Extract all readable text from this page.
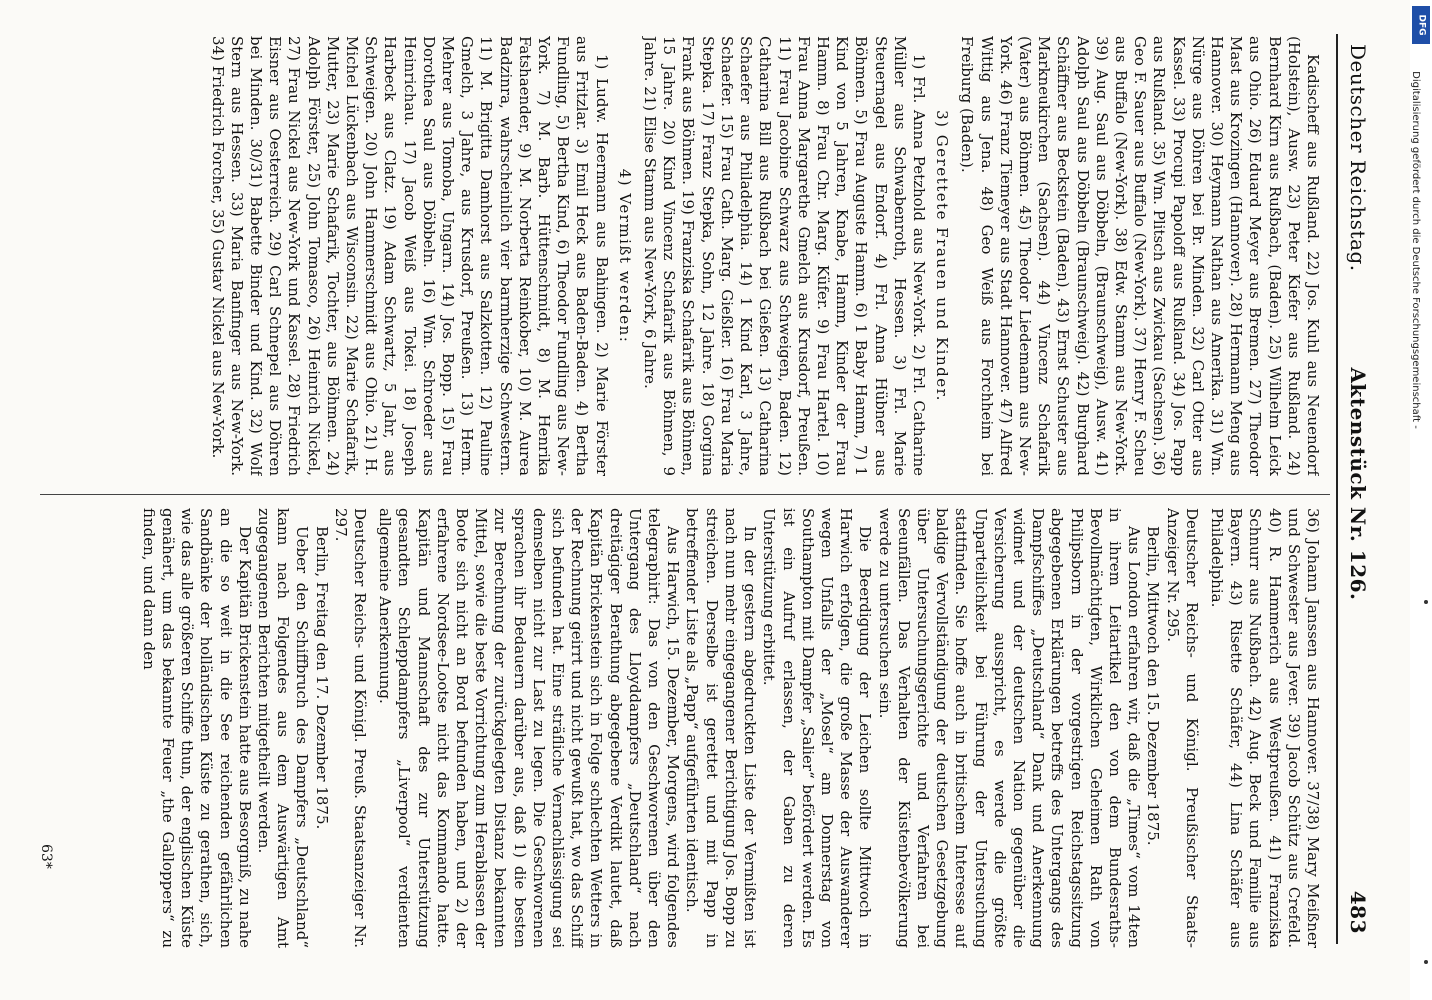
Deutscher Reichstag.
Aktenstück Nr. 126.
483

Kadischeff aus Rußland. 22) Jos. Kuhl aus Neuendorf (Holstein), Ausw. 23) Peter Kiefer aus Rußland. 24) Bernhard Kirn aus Rußbach, (Baden). 25) Wilhelm Leick aus Ohio. 26) Eduard Meyer aus Bremen. 27) Theodor Mast aus Krozingen (Hannover). 28) Hermann Meng aus Hannover. 30) Heymann Nathan aus Amerika. 31) Wm. Nürge aus Döhren bei Br. Minden. 32) Carl Otter aus Kassel. 33) Procupi Papoloff aus Rußland. 34) Jos. Papp aus Rußland. 35) Wm. Plitsch aus Zwickau (Sachsen). 36) Geo F. Sauer aus Buffalo (New-York). 37) Henry F. Scheu aus Buffalo (New-York). 38) Edw. Stamm aus New-York. 39) Aug. Saul aus Döbbeln, (Braunschweig), Ausw. 41) Adolph Saul aus Döbbeln (Braunschweig). 42) Burghard Schäffner aus Beckstein (Baden). 43) Ernst Schuster aus Markneukirchen (Sachsen). 44) Vincenz Schafarik (Vater) aus Böhmen. 45) Theodor Liedemann aus New-York. 46) Franz Tiemeyer aus Stadt Hannover. 47) Alfred Wittig aus Jena. 48) Geo Weiß aus Forchheim bei Freiburg (Baden).

3) Gerettete Frauen und Kinder.

1) Frl. Anna Petzhold aus New-York. 2) Frl. Catharine Müller aus Schwabenroth, Hessen. 3) Frl. Marie Steuernagel aus Endorf. 4) Frl. Anna Hübner aus Böhmen. 5) Frau Auguste Hamm. 6) 1 Baby Hamm, 7) 1 Kind von 5 Jahren, Knabe, Hamm, Kinder der Frau Hamm. 8) Frau Chr. Marg. Küfer. 9) Frau Hartel. 10) Frau Anna Margarethe Gmelch aus Krusdorf, Preußen. 11) Frau Jacobine Schwarz aus Schweigen, Baden. 12) Catharina Bill aus Rußbach bei Gießen. 13) Catharina Schaefer aus Philadelphia. 14) 1 Kind Karl, 3 Jahre, Schaefer. 15) Frau Cath. Marg. Gießler. 16) Frau Maria Stepka. 17) Franz Stepka, Sohn, 12 Jahre. 18) Gorgina Frank aus Böhmen. 19) Franziska Schafarik aus Böhmen, 15 Jahre. 20) Kind Vincenz Schafarik aus Böhmen, 9 Jahre. 21) Elise Stamm aus New-York, 6 Jahre.

4) Vermißt werden:

1) Ludw. Heermann aus Bahingen. 2) Marie Förster aus Fritzlar. 3) Emil Heck aus Baden-Baden. 4) Bertha Fundling, 5) Bertha Kind, 6) Theodor Fundling aus New-York. 7) M. Barb. Hüttenschmidt, 8) M. Henrika Fatshaender, 9) M. Norberta Reinkober, 10) M. Aurea Badzinra, wahrscheinlich vier barmherzige Schwestern. 11) M. Brigitta Damhorst aus Salzkotten. 12) Pauline Gmelch, 3 Jahre, aus Krusdorf, Preußen. 13) Herm. Mehrer aus Tomoba, Ungarn. 14) Jos. Bopp. 15) Frau Dorothea Saul aus Döbbeln. 16) Wm. Schroeder aus Heinrichau. 17) Jacob Weiß aus Tokei. 18) Joseph Harbeck aus Clatz. 19) Adam Schwartz, 5 Jahr, aus Schweigen. 20) John Hammerschmidt aus Ohio. 21) H. Michel Lückenbach aus Wisconsin. 22) Marie Schafarik, Mutter, 23) Marie Schafarik, Tochter, aus Böhmen. 24) Adolph Förster, 25) John Tomasco, 26) Heinrich Nickel, 27) Frau Nickel aus New-York und Kassel. 28) Friedrich Eisner aus Oesterreich. 29) Carl Schnepel aus Döhren bei Minden. 30/31) Babette Binder und Kind. 32) Wolf Stern aus Hessen. 33) Maria Banfinger aus New-York. 34) Friedrich Forcher, 35) Gustav Nickel aus New-York.

36) Johann Janssen aus Hannover. 37/38) Mary Meißner und Schwester aus Jever. 39) Jacob Schütz aus Crefeld. 40) R. Hammerich aus Westpreußen. 41) Franziska Schnurr aus Nußbach. 42) Aug. Beck und Familie aus Bayern. 43) Risette Schäfer, 44) Lina Schäfer aus Philadelphia.

Deutscher Reichs- und Königl. Preußischer Staats-Anzeiger Nr. 295.

Berlin, Mittwoch den 15. Dezember 1875.

Aus London erfahren wir, daß die „Times“ vom 14ten in ihrem Leitartikel den von dem Bundesraths-Bevollmächtigten, Wirklichen Geheimen Rath von Philipsborn in der vorgestrigen Reichstagssitzung abgegebenen Erklärungen betreffs des Untergangs des Dampfschiffes „Deutschland“ Dank und Anerkennung widmet und der deutschen Nation gegenüber die Versicherung ausspricht, es werde die größte Unparteilichkeit bei Führung der Untersuchung stattfinden. Sie hoffe auch in britischem Interesse auf baldige Vervollständigung der deutschen Gesetzgebung über Untersuchungsgerichte und Verfahren bei Seeunfällen. Das Verhalten der Küstenbevölkerung werde zu untersuchen sein.

Die Beerdigung der Leichen sollte Mittwoch in Harwich erfolgen, die große Masse der Auswanderer wegen Unfalls der „Mosel“ am Donnerstag von Southampton mit Dampfer „Salier“ befördert werden. Es ist ein Aufruf erlassen, der Gaben zu deren Unterstützung erbittet.

In der gestern abgedruckten Liste der Vermißten ist nach nun mehr eingegangener Berichtigung Jos. Bopp zu streichen. Derselbe ist gerettet und mit Papp in betreffender Liste als „Papp“ aufgeführten identisch.

Aus Harwich, 15. Dezember, Morgens, wird folgendes telegraphirt: Das von den Geschworenen über den Untergang des Lloyddampfers „Deutschland“ nach dreitägiger Berathung abgegebene Verdikt lautet, daß Kapitän Brickenstein sich in Folge schlechten Wetters in der Rechnung geirrt und nicht gewußt hat, wo das Schiff sich befunden hat. Eine sträfliche Vernachlässigung sei demselben nicht zur Last zu legen. Die Geschworenen sprachen ihr Bedauern darüber aus, daß 1) die besten zur Berechnung der zurückgelegten Distanz bekannten Mittel, sowie die beste Vorrichtung zum Herablassen der Boote sich nicht an Bord befunden haben, und 2) der erfahrene Nordsee-Lootse nicht das Kommando hatte. Kapitän und Mannschaft des zur Unterstützung gesandten Schleppdampfers „Liverpool“ verdienten allgemeine Anerkennung.

Deutscher Reichs- und Königl. Preuß. Staatsanzeiger Nr. 297.

Berlin, Freitag den 17. Dezember 1875.

Ueber den Schiffbruch des Dampfers „Deutschland“ kann nach Folgendes aus dem Auswärtigen Amt zugegangenen Berichten mitgetheilt werden.

Der Kapitän Brickenstein hatte aus Besorgniß, zu nahe an die so weit in die See reichenden gefährlichen Sandbänke der holländischen Küste zu gerathen, sich, wie das alle größeren Schiffe thun, der englischen Küste genähert, um das bekannte Feuer „the Galloppers“ zu finden, und dann den

63*
DFG
Digitalisierung gefördert durch die Deutsche Forschungsgemeinschaft -
